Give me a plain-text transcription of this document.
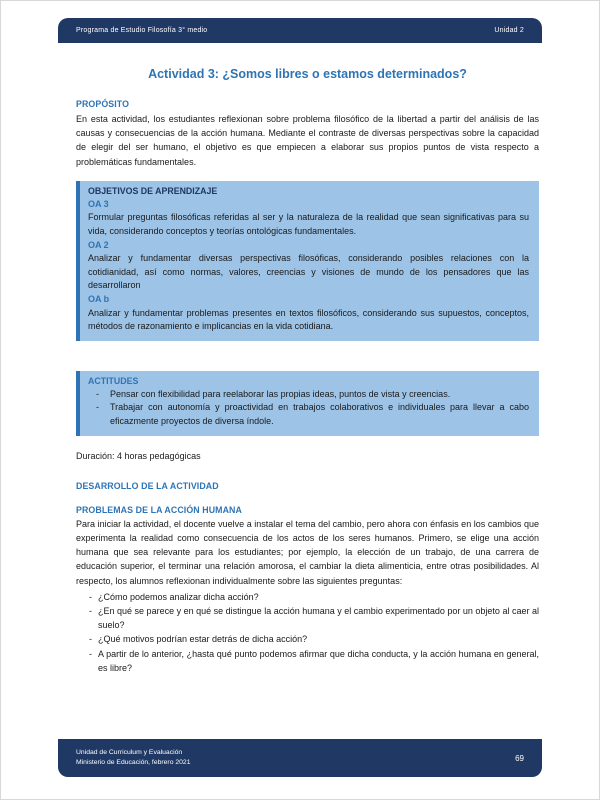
Programa de Estudio Filosofía 3° medio	Unidad 2
Actividad 3: ¿Somos libres o estamos determinados?
PROPÓSITO

En esta actividad, los estudiantes reflexionan sobre problema filosófico de la libertad a partir del análisis de las causas y consecuencias de la acción humana. Mediante el contraste de diversas perspectivas sobre la capacidad de elegir del ser humano, el objetivo es que empiecen a elaborar sus propios puntos de vista respecto a problemáticas fundamentales.

OBJETIVOS DE APRENDIZAJE
OA 3
Formular preguntas filosóficas referidas al ser y la naturaleza de la realidad que sean significativas para su vida, considerando conceptos y teorías ontológicas fundamentales.
OA 2
Analizar y fundamentar diversas perspectivas filosóficas, considerando posibles relaciones con la cotidianidad, así como normas, valores, creencias y visiones de mundo de los pensadores que las desarrollaron
OA b
Analizar y fundamentar problemas presentes en textos filosóficos, considerando sus supuestos, conceptos, métodos de razonamiento e implicancias en la vida cotidiana.
ACTITUDES
-	Pensar con flexibilidad para reelaborar las propias ideas, puntos de vista y creencias.
-	Trabajar con autonomía y proactividad en trabajos colaborativos e individuales para llevar a cabo eficazmente proyectos de diversa índole.

Duración: 4 horas pedagógicas

DESARROLLO DE LA ACTIVIDAD
PROBLEMAS DE LA ACCIÓN HUMANA

Para iniciar la actividad, el docente vuelve a instalar el tema del cambio, pero ahora con énfasis en los cambios que experimenta la realidad como consecuencia de los actos de los seres humanos. Primero, se elige una acción humana que sea relevante para los estudiantes; por ejemplo, la elección de un trabajo, de una carrera de educación superior, el terminar una relación amorosa, el cambiar la dieta alimenticia, entre otras posibilidades. Al respecto, los alumnos reflexionan individualmente sobre las siguientes preguntas:

- ¿Cómo podemos analizar dicha acción?
- ¿En qué se parece y en qué se distingue la acción humana y el cambio experimentado por un objeto al caer al suelo?
- ¿Qué motivos podrían estar detrás de dicha acción?
- A partir de lo anterior, ¿hasta qué punto podemos afirmar que dicha conducta, y la acción humana en general, es libre?
Unidad de Curriculum y Evaluación
Ministerio de Educación, febrero 2021	69
